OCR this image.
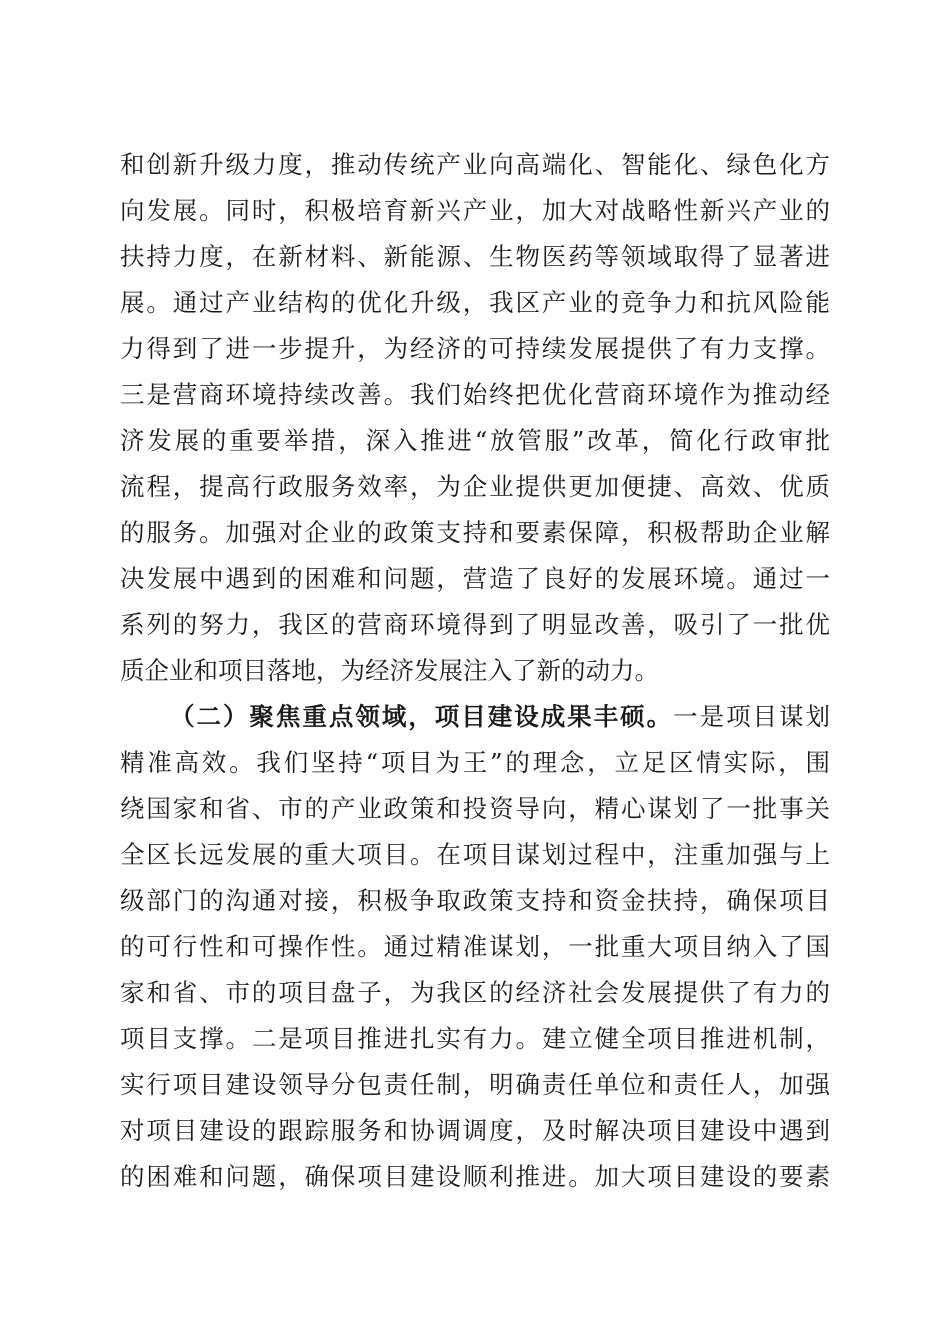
和创新升级力度，推动传统产业向高端化、智能化、绿色化方
向发展。同时，积极培育新兴产业，加大对战略性新兴产业的
扶持力度，在新材料、新能源、生物医药等领域取得了显著进
展。通过产业结构的优化升级，我区产业的竞争力和抗风险能
力得到了进一步提升，为经济的可持续发展提供了有力支撑。
三是营商环境持续改善。我们始终把优化营商环境作为推动经
济发展的重要举措，深入推进“放管服”改革，简化行政审批
流程，提高行政服务效率，为企业提供更加便捷、高效、优质
的服务。加强对企业的政策支持和要素保障，积极帮助企业解
决发展中遇到的困难和问题，营造了良好的发展环境。通过一
系列的努力，我区的营商环境得到了明显改善，吸引了一批优
质企业和项目落地，为经济发展注入了新的动力。
（二）聚焦重点领域，项目建设成果丰硕。一是项目谋划
精准高效。我们坚持“项目为王”的理念，立足区情实际，围
绕国家和省、市的产业政策和投资导向，精心谋划了一批事关
全区长远发展的重大项目。在项目谋划过程中，注重加强与上
级部门的沟通对接，积极争取政策支持和资金扶持，确保项目
的可行性和可操作性。通过精准谋划，一批重大项目纳入了国
家和省、市的项目盘子，为我区的经济社会发展提供了有力的
项目支撑。二是项目推进扎实有力。建立健全项目推进机制，
实行项目建设领导分包责任制，明确责任单位和责任人，加强
对项目建设的跟踪服务和协调调度，及时解决项目建设中遇到
的困难和问题，确保项目建设顺利推进。加大项目建设的要素
